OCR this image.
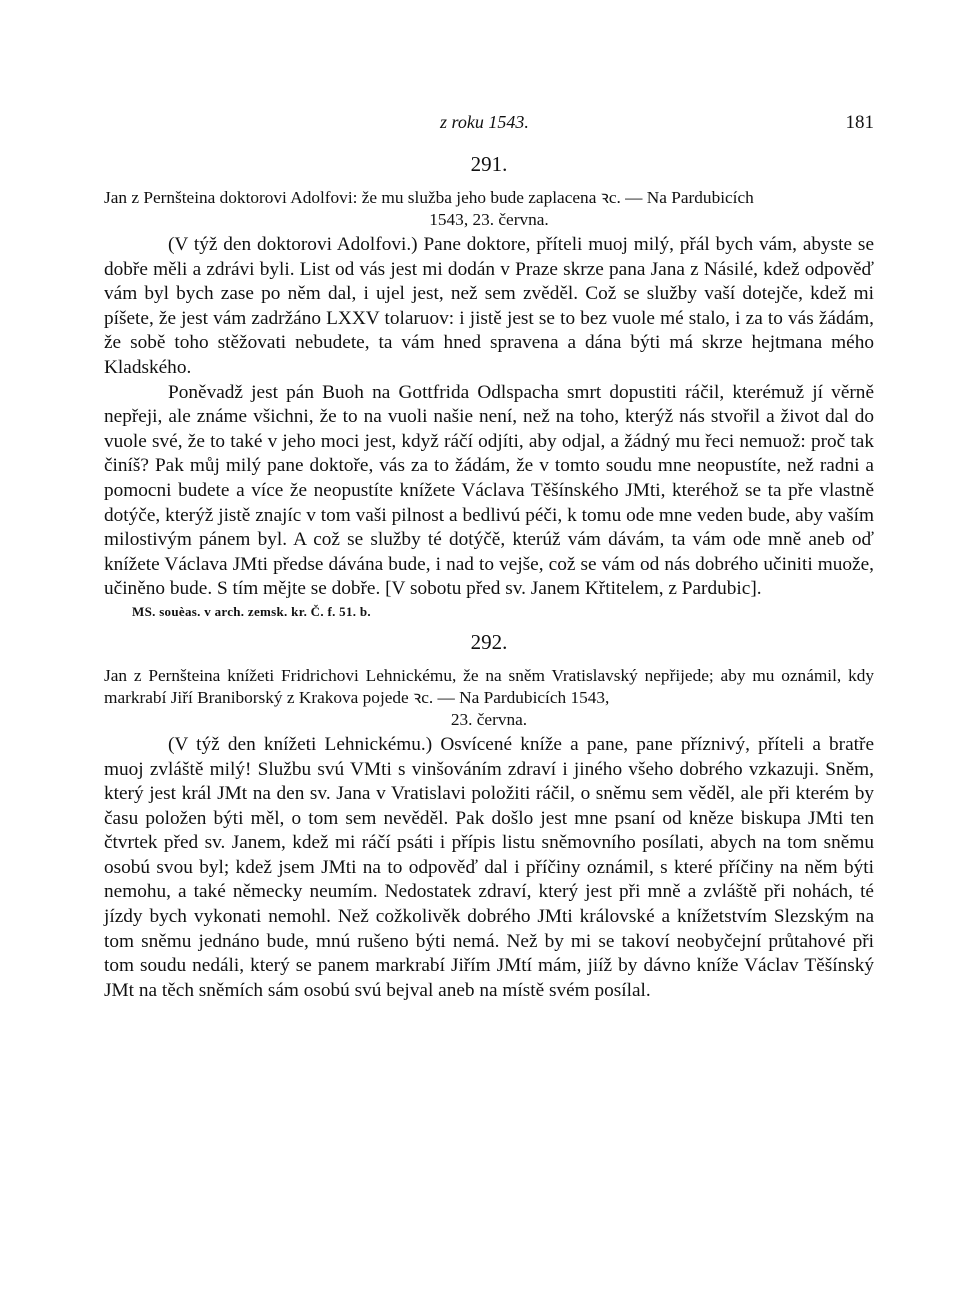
z roku 1543.	181
291.

Jan z Pernšteina doktorovi Adolfovi: že mu služba jeho bude zaplacena ꝛc. — Na Pardubicích

1543, 23. června.

(V týž den doktorovi Adolfovi.) Pane doktore, příteli muoj milý, přál bych vám, abyste se dobře měli a zdrávi byli. List od vás jest mi dodán v Praze skrze pana Jana z Násilé, kdež odpověď vám byl bych zase po něm dal, i ujel jest, než sem zvěděl. Což se služby vaší dotejče, kdež mi píšete, že jest vám zadržáno LXXV tolaruov: i jistě jest se to bez vuole mé stalo, i za to vás žádám, že sobě toho stěžovati nebudete, ta vám hned spravena a dána býti má skrze hejtmana mého Kladského.

Poněvadž jest pán Buoh na Gottfrida Odlspacha smrt dopustiti ráčil, kterémuž jí věrně nepřeji, ale známe všichni, že to na vuoli našie není, než na toho, kterýž nás stvořil a život dal do vuole své, že to také v jeho moci jest, když ráčí odjíti, aby odjal, a žádný mu řeci nemuož: proč tak činíš? Pak můj milý pane doktoře, vás za to žádám, že v tomto soudu mne neopustíte, než radni a pomocni budete a více že neopustíte knížete Václava Těšínského JMti, kteréhož se ta pře vlastně dotýče, kterýž jistě znajíc v tom vaši pilnost a bedlivú péči, k tomu ode mne veden bude, aby vaším milostivým pánem byl. A což se služby té dotýčě, kterúž vám dávám, ta vám ode mně aneb oď knížete Václava JMti předse dávána bude, i nad to vejše, což se vám od nás dobrého učiniti muože, učiněno bude. S tím mějte se dobře. [V sobotu před sv. Janem Křtitelem, z Pardubic].

MS. souèas. v arch. zemsk. kr. Č. f. 51. b.
292.

Jan z Pernšteina knížeti Fridrichovi Lehnickému, že na sněm Vratislavský nepřijede; aby mu oznámil, kdy markrabí Jiří Braniborský z Krakova pojede ꝛc. — Na Pardubicích 1543,

23. června.

(V týž den knížeti Lehnickému.) Osvícené kníže a pane, pane příznivý, příteli a bratře muoj zvláště milý! Službu svú VMti s vinšováním zdraví i jiného všeho dobrého vzkazuji. Sněm, který jest král JMt na den sv. Jana v Vratislavi položiti ráčil, o sněmu sem věděl, ale při kterém by času položen býti měl, o tom sem nevěděl. Pak došlo jest mne psaní od kněze biskupa JMti ten čtvrtek před sv. Janem, kdež mi ráčí psáti i přípis listu sněmovního posílati, abych na tom sněmu osobú svou byl; kdež jsem JMti na to odpověď dal i příčiny oznámil, s které příčiny na něm býti nemohu, a také německy neumím. Nedostatek zdraví, který jest při mně a zvláště při nohách, té jízdy bych vykonati nemohl. Než cožkolivěk dobrého JMti královské a knížetstvím Slezským na tom sněmu jednáno bude, mnú rušeno býti nemá. Než by mi se takoví neobyčejní průtahové při tom soudu nedáli, který se panem markrabí Jiřím JMtí mám, jiíž by dávno kníže Václav Těšínský JMt na těch sněmích sám osobú svú bejval aneb na místě svém posílal.
